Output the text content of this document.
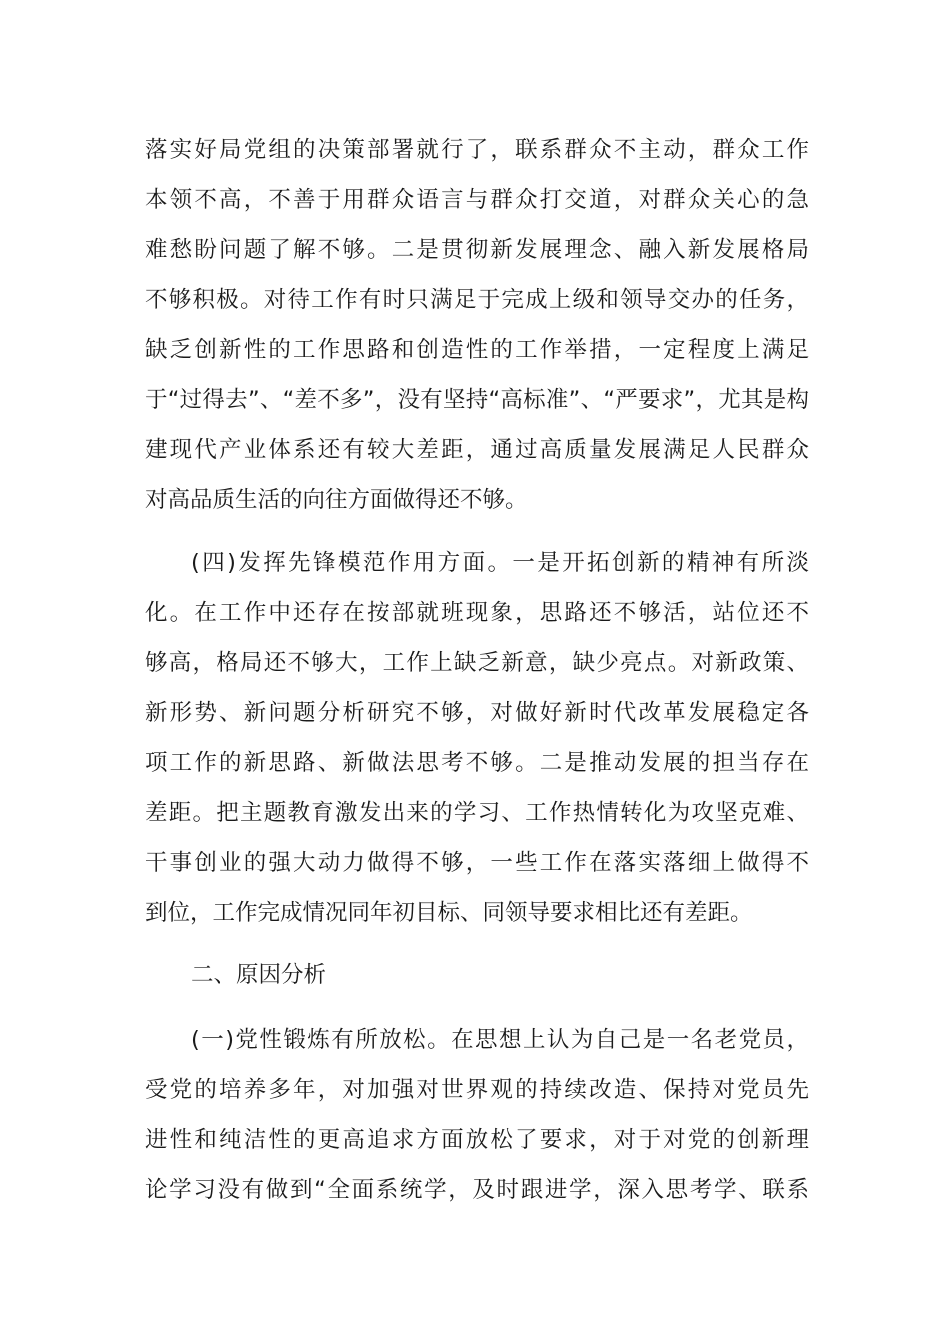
落实好局党组的决策部署就行了，联系群众不主动，群众工作
本领不高，不善于用群众语言与群众打交道，对群众关心的急
难愁盼问题了解不够。二是贯彻新发展理念、融入新发展格局
不够积极。对待工作有时只满足于完成上级和领导交办的任务，
缺乏创新性的工作思路和创造性的工作举措，一定程度上满足
于“过得去”、“差不多”，没有坚持“高标准”、“严要求”，尤其是构
建现代产业体系还有较大差距，通过高质量发展满足人民群众
对高品质生活的向往方面做得还不够。
(四)发挥先锋模范作用方面。一是开拓创新的精神有所淡
化。在工作中还存在按部就班现象，思路还不够活，站位还不
够高，格局还不够大，工作上缺乏新意，缺少亮点。对新政策、
新形势、新问题分析研究不够，对做好新时代改革发展稳定各
项工作的新思路、新做法思考不够。二是推动发展的担当存在
差距。把主题教育激发出来的学习、工作热情转化为攻坚克难、
干事创业的强大动力做得不够，一些工作在落实落细上做得不
到位，工作完成情况同年初目标、同领导要求相比还有差距。
二、原因分析
(一)党性锻炼有所放松。在思想上认为自己是一名老党员，
受党的培养多年，对加强对世界观的持续改造、保持对党员先
进性和纯洁性的更高追求方面放松了要求，对于对党的创新理
论学习没有做到“全面系统学，及时跟进学，深入思考学、联系
